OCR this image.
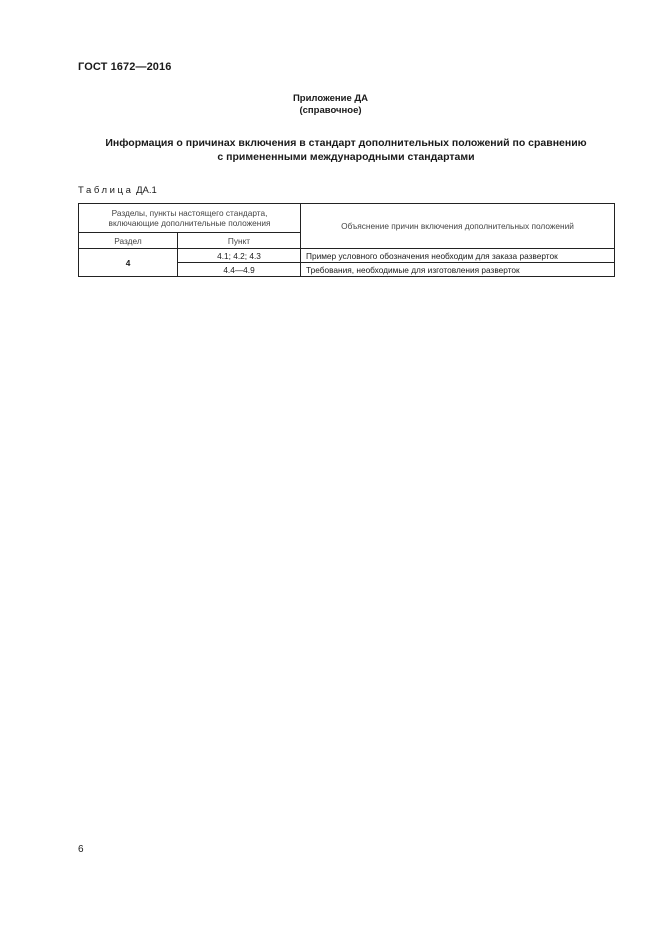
ГОСТ 1672—2016
Приложение ДА
(справочное)
Информация о причинах включения в стандарт дополнительных положений по сравнению
с примененными международными стандартами
Таблица ДА.1
Разделы, пункты настоящего стандарта,
включающие дополнительные положения		Объяснение причин включения дополнительных положений
Раздел	Пункт	
4	4.1; 4.2; 4.3	Пример условного обозначения необходим для заказа разверток
	4.4—4.9	Требования, необходимые для изготовления разверток
6
